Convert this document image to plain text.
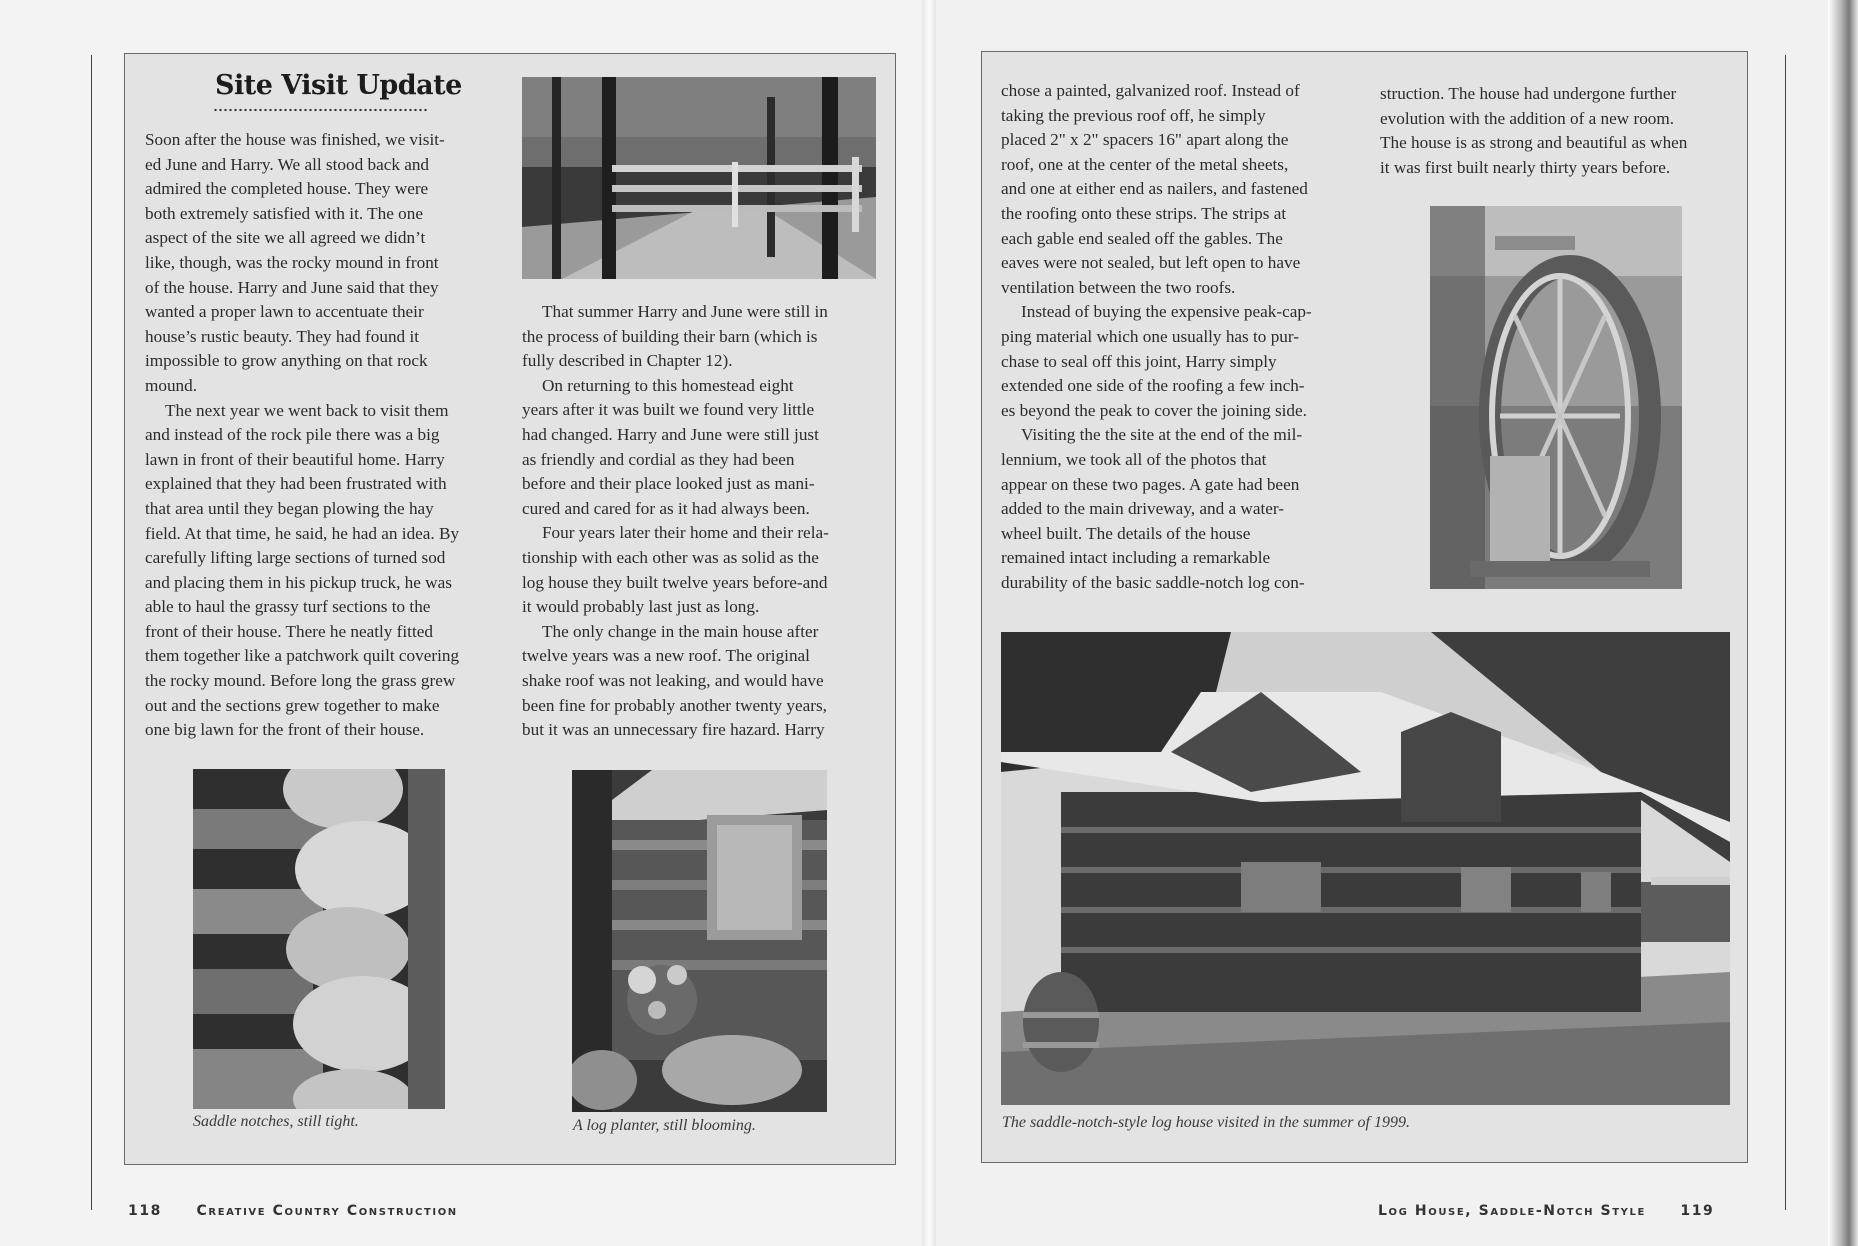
Site Visit Update

Soon after the house was finished, we visit-

ed June and Harry. We all stood back and

admired the completed house. They were

both extremely satisfied with it. The one

aspect of the site we all agreed we didn’t

like, though, was the rocky mound in front

of the house. Harry and June said that they

wanted a proper lawn to accentuate their

house’s rustic beauty. They had found it

impossible to grow anything on that rock

mound.

The next year we went back to visit them

and instead of the rock pile there was a big

lawn in front of their beautiful home. Harry

explained that they had been frustrated with

that area until they began plowing the hay

field. At that time, he said, he had an idea. By

carefully lifting large sections of turned sod

and placing them in his pickup truck, he was

able to haul the grassy turf sections to the

front of their house. There he neatly fitted

them together like a patchwork quilt covering

the rocky mound. Before long the grass grew

out and the sections grew together to make

one big lawn for the front of their house.

That summer Harry and June were still in

the process of building their barn (which is

fully described in Chapter 12).

On returning to this homestead eight

years after it was built we found very little

had changed. Harry and June were still just

as friendly and cordial as they had been

before and their place looked just as mani-

cured and cared for as it had always been.

Four years later their home and their rela-

tionship with each other was as solid as the

log house they built twelve years before-and

it would probably last just as long.

The only change in the main house after

twelve years was a new roof. The original

shake roof was not leaking, and would have

been fine for probably another twenty years,

but it was an unnecessary fire hazard. Harry

Saddle notches, still tight.	A log planter, still blooming.

chose a painted, galvanized roof. Instead of

taking the previous roof off, he simply

placed 2" x 2" spacers 16" apart along the

roof, one at the center of the metal sheets,

and one at either end as nailers, and fastened

the roofing onto these strips. The strips at

each gable end sealed off the gables. The

eaves were not sealed, but left open to have

ventilation between the two roofs.

Instead of buying the expensive peak-cap-

ping material which one usually has to pur-

chase to seal off this joint, Harry simply

extended one side of the roofing a few inch-

es beyond the peak to cover the joining side.

Visiting the the site at the end of the mil-

lennium, we took all of the photos that

appear on these two pages. A gate had been

added to the main driveway, and a water-

wheel built. The details of the house

remained intact including a remarkable

durability of the basic saddle-notch log con-

struction. The house had undergone further

evolution with the addition of a new room.

The house is as strong and beautiful as when

it was first built nearly thirty years before.

The saddle-notch-style log house visited in the summer of 1999.
118 Creative Country Construction	Log House, Saddle-Notch Style 119
